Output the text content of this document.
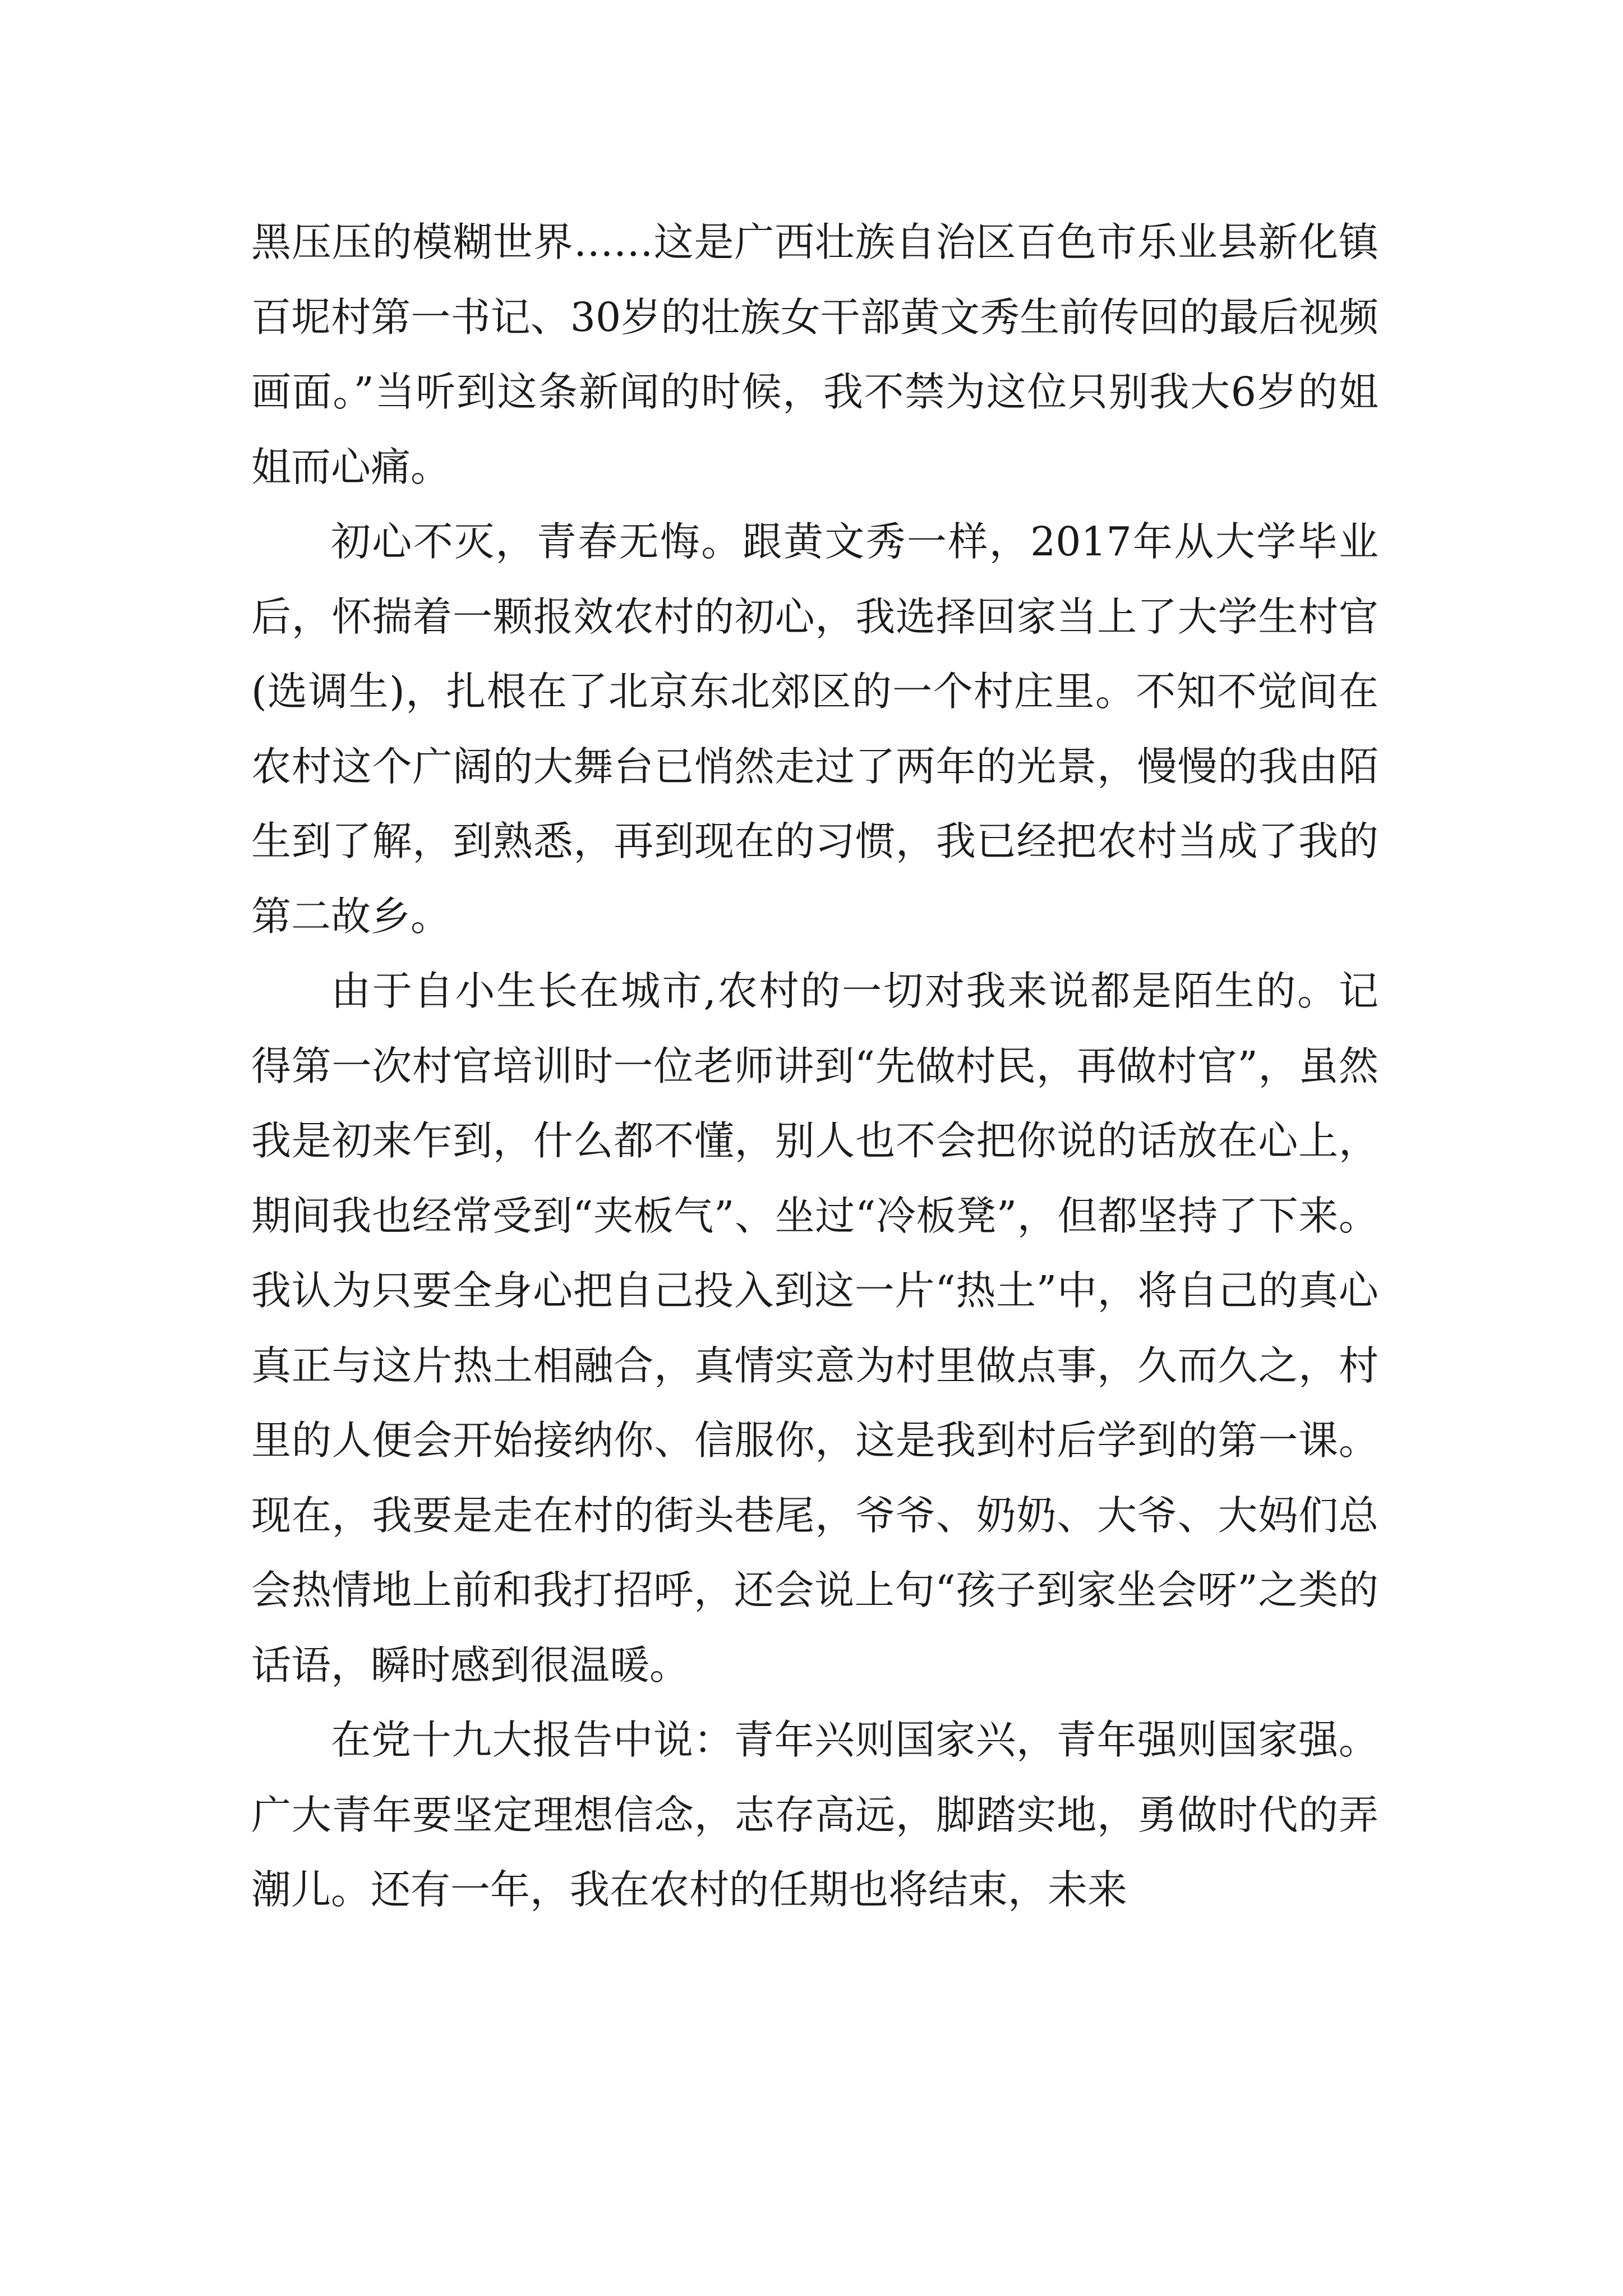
黑压压的模糊世界……这是广西壮族自治区百色市乐业县新化镇百坭村第一书记、30岁的壮族女干部黄文秀生前传回的最后视频画面。”当听到这条新闻的时候，我不禁为这位只别我大6岁的姐姐而心痛。

初心不灭，青春无悔。跟黄文秀一样，2017年从大学毕业后，怀揣着一颗报效农村的初心，我选择回家当上了大学生村官(选调生)，扎根在了北京东北郊区的一个村庄里。不知不觉间在农村这个广阔的大舞台已悄然走过了两年的光景，慢慢的我由陌生到了解，到熟悉，再到现在的习惯，我已经把农村当成了我的第二故乡。

由于自小生长在城市,农村的一切对我来说都是陌生的。记得第一次村官培训时一位老师讲到“先做村民，再做村官”，虽然我是初来乍到，什么都不懂，别人也不会把你说的话放在心上，期间我也经常受到“夹板气”、坐过“冷板凳”，但都坚持了下来。我认为只要全身心把自己投入到这一片“热土”中，将自己的真心真正与这片热土相融合，真情实意为村里做点事，久而久之，村里的人便会开始接纳你、信服你，这是我到村后学到的第一课。现在，我要是走在村的街头巷尾，爷爷、奶奶、大爷、大妈们总会热情地上前和我打招呼，还会说上句“孩子到家坐会呀”之类的话语，瞬时感到很温暖。

在党十九大报告中说：青年兴则国家兴，青年强则国家强。广大青年要坚定理想信念，志存高远，脚踏实地，勇做时代的弄潮儿。还有一年，我在农村的任期也将结束，未来
